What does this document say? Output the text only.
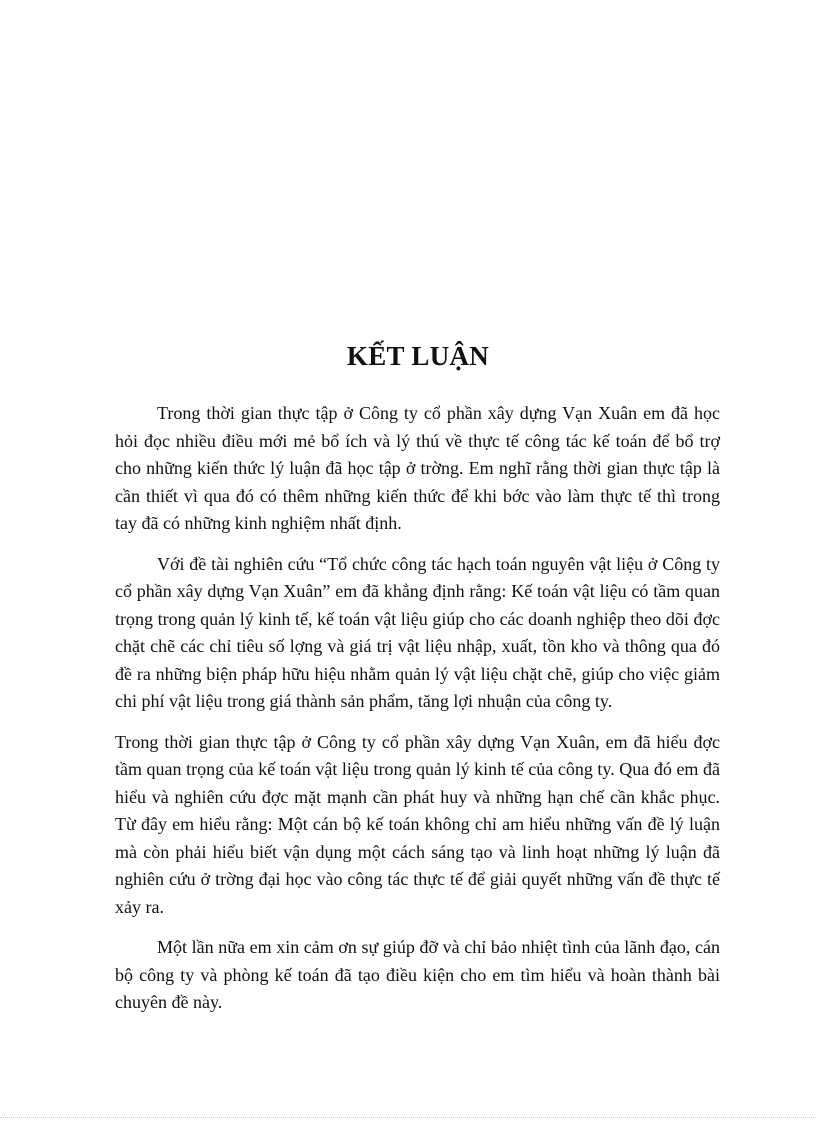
KẾT LUẬN

Trong thời gian thực tập ở Công ty cổ phần xây dựng Vạn Xuân em đã học hỏi đọc nhiều điều mới mẻ bổ ích và lý thú về thực tế công tác kế toán để bổ trợ cho những kiến thức lý luận đã học tập ở trờng. Em nghĩ rằng thời gian thực tập là cần thiết vì qua đó có thêm những kiến thức để khi bớc vào làm thực tế thì trong tay đã có những kinh nghiệm nhất định.

Với đề tài nghiên cứu “Tổ chức công tác hạch toán nguyên vật liệu ở Công ty cổ phần xây dựng Vạn Xuân” em đã khẳng định rằng: Kế toán vật liệu có tầm quan trọng trong quản lý kinh tế, kế toán vật liệu giúp cho các doanh nghiệp theo dõi đợc chặt chẽ các chỉ tiêu số lợng và giá trị vật liệu nhập, xuất, tồn kho và thông qua đó đề ra những biện pháp hữu hiệu nhằm quản lý vật liệu chặt chẽ, giúp cho việc giảm chi phí vật liệu trong giá thành sản phẩm, tăng lợi nhuận của công ty.

Trong thời gian thực tập ở Công ty cổ phần xây dựng Vạn Xuân, em đã hiểu đợc tầm quan trọng của kế toán vật liệu trong quản lý kinh tế của công ty. Qua đó em đã hiểu và nghiên cứu đợc mặt mạnh cần phát huy và những hạn chế cần khắc phục. Từ đây em hiểu rằng: Một cán bộ kế toán không chỉ am hiểu những vấn đề lý luận mà còn phải hiểu biết vận dụng một cách sáng tạo và linh hoạt những lý luận đã nghiên cứu ở trờng đại học vào công tác thực tế để giải quyết những vấn đề thực tế xảy ra.

Một lần nữa em xin cảm ơn sự giúp đỡ và chỉ bảo nhiệt tình của lãnh đạo, cán bộ công ty và phòng kế toán đã tạo điều kiện cho em tìm hiểu và hoàn thành bài chuyên đề này.
